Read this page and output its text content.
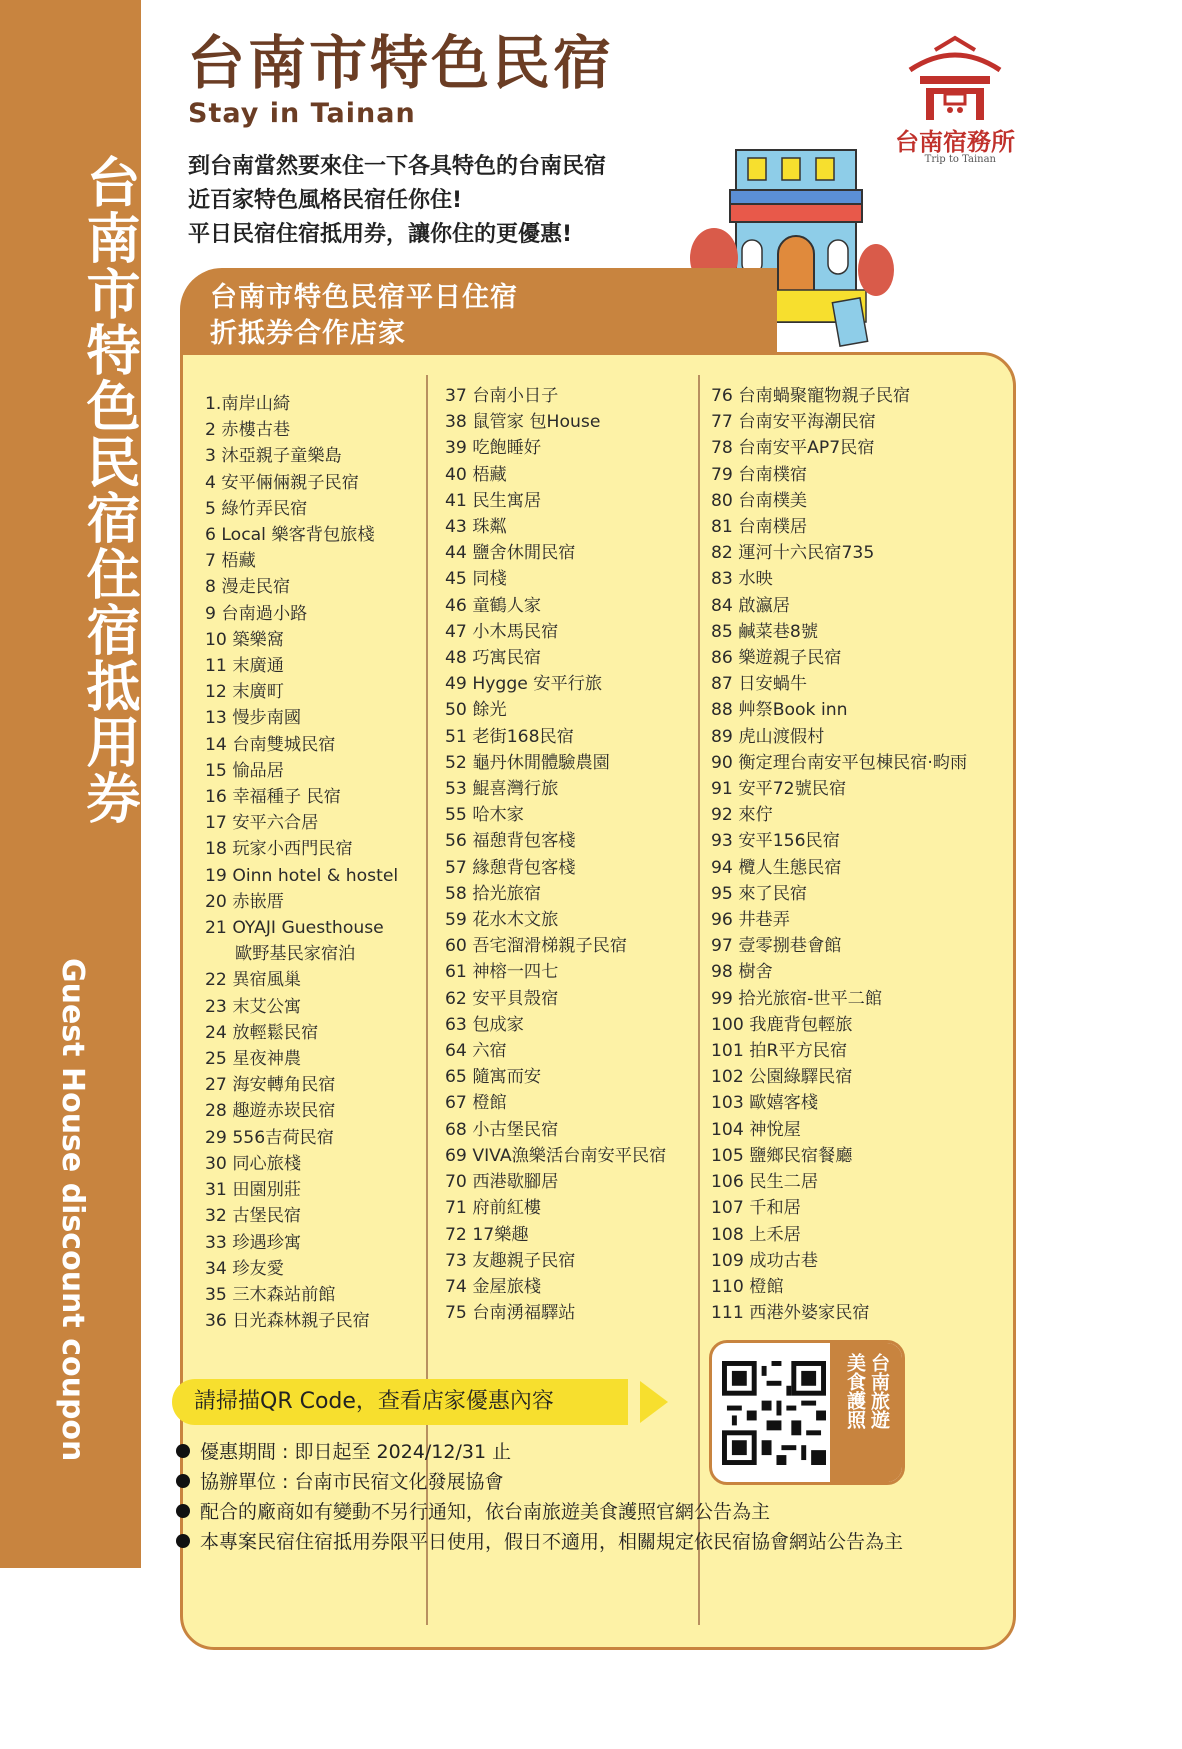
台南市特色民宿住宿抵用券
Guest House discount coupon
台南市特色民宿
Stay in Tainan
到台南當然要來住一下各具特色的台南民宿
近百家特色風格民宿任你住!
平日民宿住宿抵用券，讓你住的更優惠!
台南宿務所
Trip to Tainan
台南市特色民宿平日住宿
折抵券合作店家
1.南岸山綺
2 赤樓古巷
3 沐亞親子童樂島
4 安平倆倆親子民宿
5 綠竹弄民宿
6 Local 樂客背包旅棧
7 梧藏
8 漫走民宿
9 台南過小路
10 築樂窩
11 末廣通
12 末廣町
13 慢步南國
14 台南雙城民宿
15 愉品居
16 幸福種子 民宿
17 安平六合居
18 玩家小西門民宿
19 Oinn hotel & hostel
20 赤嵌厝
21 OYAJI Guesthouse
歐野基民家宿泊
22 異宿風巢
23 末艾公寓
24 放輕鬆民宿
25 星夜神農
27 海安轉角民宿
28 趣遊赤崁民宿
29 556吉荷民宿
30 同心旅棧
31 田園別莊
32 古堡民宿
33 珍遇珍寓
34 珍友愛
35 三木森站前館
36 日光森林親子民宿
37 台南小日子
38 鼠管家 包House
39 吃飽睡好
40 梧藏
41 民生寓居
43 珠粼
44 鹽舍休閒民宿
45 同棧
46 童鶴人家
47 小木馬民宿
48 巧寓民宿
49 Hygge 安平行旅
50 餘光
51 老街168民宿
52 龜丹休閒體驗農園
53 鯤喜灣行旅
55 哈木家
56 福憩背包客棧
57 緣憩背包客棧
58 拾光旅宿
59 花水木文旅
60 吾宅溜滑梯親子民宿
61 神榕一四七
62 安平貝殼宿
63 包成家
64 六宿
65 隨寓而安
67 橙館
68 小古堡民宿
69 VIVA漁樂活台南安平民宿
70 西港歇腳居
71 府前紅樓
72 17樂趣
73 友趣親子民宿
74 金屋旅棧
75 台南湧福驛站
76 台南蝸聚寵物親子民宿
77 台南安平海潮民宿
78 台南安平AP7民宿
79 台南樸宿
80 台南樸美
81 台南樸居
82 運河十六民宿735
83 水映
84 啟瀛居
85 鹹菜巷8號
86 樂遊親子民宿
87 日安蝸牛
88 艸祭Book inn
89 虎山渡假村
90 衡定理台南安平包棟民宿‧畇雨
91 安平72號民宿
92 來佇
93 安平156民宿
94 欖人生態民宿
95 來了民宿
96 井巷弄
97 壹零捌巷會館
98 樹舍
99 拾光旅宿-世平二館
100 我鹿背包輕旅
101 拍R平方民宿
102 公園綠驛民宿
103 歐嬉客棧
104 神悅屋
105 鹽鄉民宿餐廳
106 民生二居
107 千和居
108 上禾居
109 成功古巷
110 橙館
111 西港外婆家民宿
請掃描QR Code，查看店家優惠內容	台南旅遊
美食護照
優惠期間 : 即日起至 2024/12/31 止
協辦單位 : 台南市民宿文化發展協會
配合的廠商如有變動不另行通知，依台南旅遊美食護照官網公告為主
本專案民宿住宿抵用券限平日使用，假日不適用，相關規定依民宿協會網站公告為主
